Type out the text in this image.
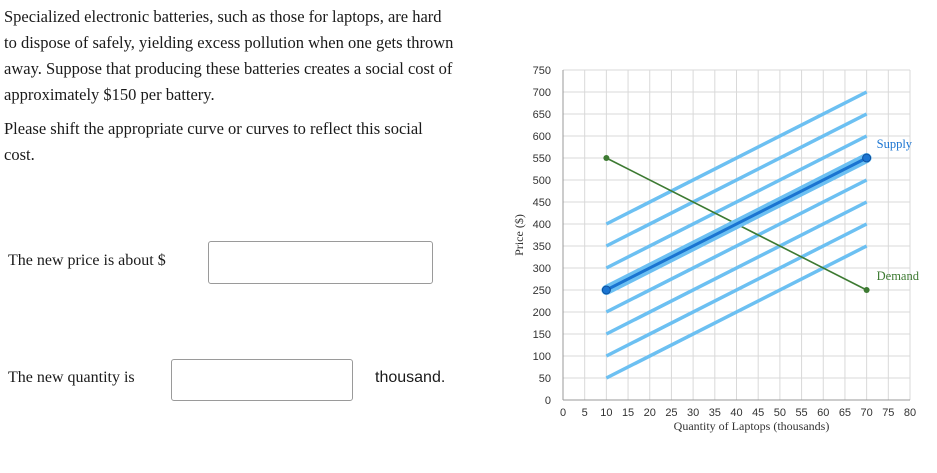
Specialized electronic batteries, such as those for laptops, are hard to dispose of safely, yielding excess pollution when one gets thrown away. Suppose that producing these batteries creates a social cost of approximately $150 per battery.

Please shift the appropriate curve or curves to reflect this social cost.

The new price is about $
The new quantity is	thousand.
0 5 10 15 20 25 30 35 40 45 50 55 60 65 70 75 80
0
50
100
150
200
250
300
350
400
450
500
550
600
650
700
750
Quantity of Laptops (thousands)
Price ($)
Supply
Demand
